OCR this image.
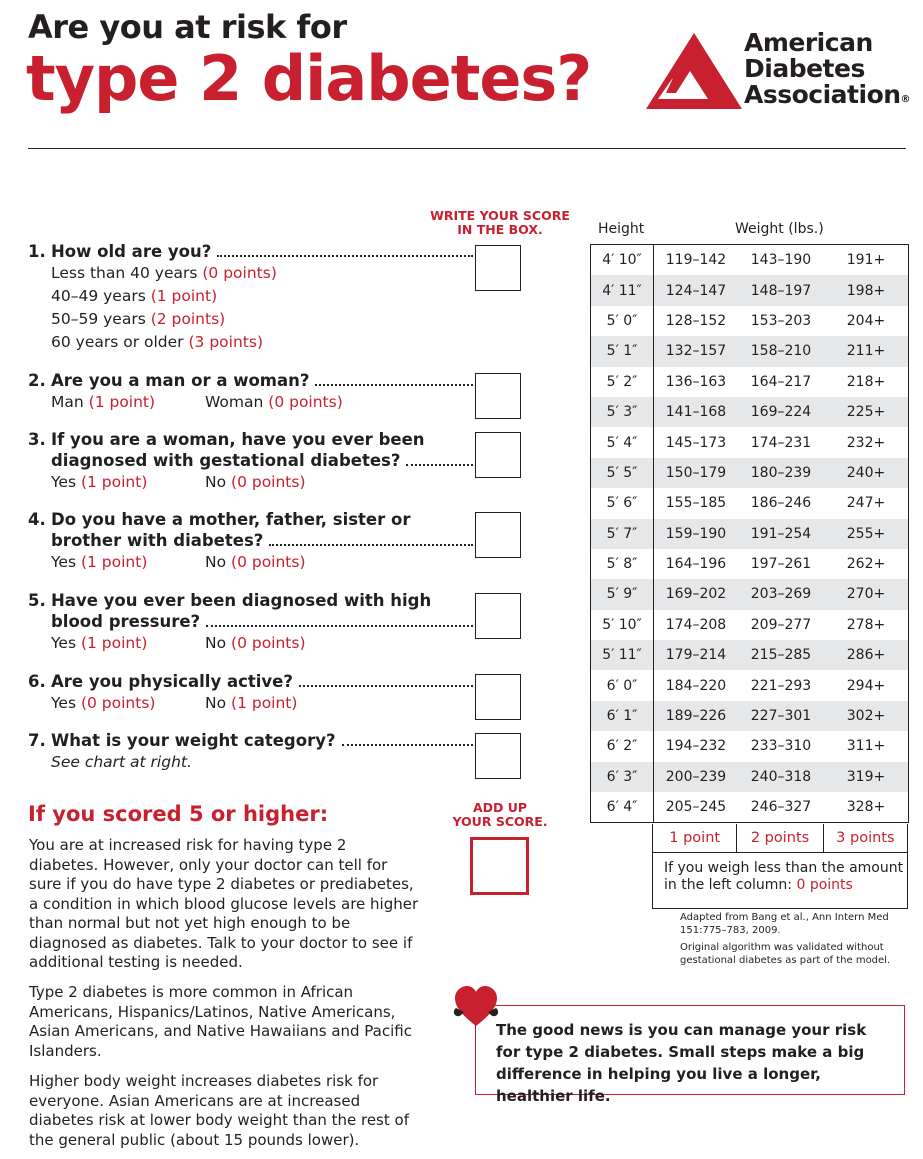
Are you at risk for
type 2 diabetes?	American
Diabetes
Association®
WRITE YOUR SCORE
IN THE BOX.
1. How old are you?
Less than 40 years (0 points)
40–49 years (1 point)
50–59 years (2 points)
60 years or older (3 points)
2. Are you a man or a woman?
Man (1 point)	Woman (0 points)
3. If you are a woman, have you ever been
diagnosed with gestational diabetes?
Yes (1 point)	No (0 points)
4. Do you have a mother, father, sister or
brother with diabetes?
Yes (1 point)	No (0 points)
5. Have you ever been diagnosed with high
blood pressure?
Yes (1 point)	No (0 points)
6. Are you physically active?
Yes (0 points)	No (1 point)
7. What is your weight category?
See chart at right.
ADD UP
YOUR SCORE.
If you scored 5 or higher:
You are at increased risk for having type 2 diabetes. However, only your doctor can tell for sure if you do have type 2 diabetes or prediabetes, a condition in which blood glucose levels are higher than normal but not yet high enough to be diagnosed as diabetes. Talk to your doctor to see if additional testing is needed.
Type 2 diabetes is more common in African Americans, Hispanics/Latinos, Native Americans, Asian Americans, and Native Hawaiians and Pacific Islanders.
Higher body weight increases diabetes risk for everyone. Asian Americans are at increased diabetes risk at lower body weight than the rest of the general public (about 15 pounds lower).
Height	Weight (lbs.)
4′ 10″	119–142	143–190	191+
4′ 11″	124–147	148–197	198+
5′ 0″	128–152	153–203	204+
5′ 1″	132–157	158–210	211+
5′ 2″	136–163	164–217	218+
5′ 3″	141–168	169–224	225+
5′ 4″	145–173	174–231	232+
5′ 5″	150–179	180–239	240+
5′ 6″	155–185	186–246	247+
5′ 7″	159–190	191–254	255+
5′ 8″	164–196	197–261	262+
5′ 9″	169–202	203–269	270+
5′ 10″	174–208	209–277	278+
5′ 11″	179–214	215–285	286+
6′ 0″	184–220	221–293	294+
6′ 1″	189–226	227–301	302+
6′ 2″	194–232	233–310	311+
6′ 3″	200–239	240–318	319+
6′ 4″	205–245	246–327	328+
1 point	2 points	3 points
If you weigh less than the amount in the left column: 0 points

Adapted from Bang et al., Ann Intern Med 151:775–783, 2009.

Original algorithm was validated without gestational diabetes as part of the model.

The good news is you can manage your risk for type 2 diabetes. Small steps make a big difference in helping you live a longer, healthier life.
